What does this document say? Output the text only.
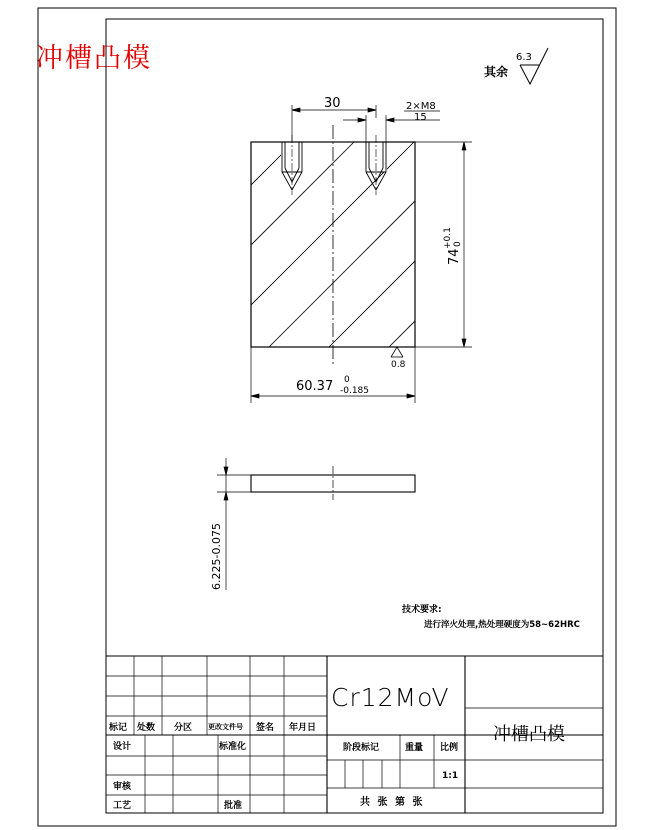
冲槽凸模	其余
6.3
30	2×M8
15
74
+0.1 0
0.8
60.37 0
-0.185
6.225-0.075
技术要求:
进行淬火处理,热处理硬度为58~62HRC
Cr12MoV
冲槽凸模
标记 处数 分区 更改文件号 签名 年月日
设计	标准化
审核
工艺	批准
阶段标记	重量 比例
1:1
共 张 第 张
